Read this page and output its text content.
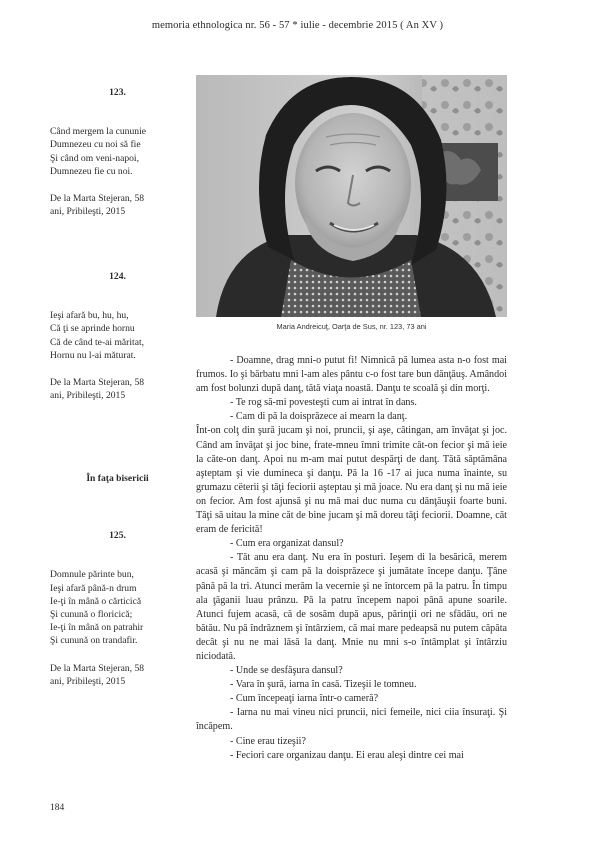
memoria ethnologica nr. 56 - 57 * iulie - decembrie 2015 ( An XV )
123.
Când mergem la cununie
Dumnezeu cu noi să fie
Şi când om veni-napoi,
Dumnezeu fie cu noi.
De la Marta Stejeran, 58
ani, Pribileşti, 2015
124.
Ieşi afară bu, hu, hu,
Că ţi se aprinde hornu
Că de când te-ai măritat,
Hornu nu l-ai măturat.
De la Marta Stejeran, 58
ani, Pribileşti, 2015
În faţa bisericii
125.
Domnule părinte bun,
Ieşi afară până-n drum
Ie-ţi în mână o cărticică
Şi cunună o floricică;
Ie-ţi în mână on patrahir
Şi cunună on trandafir.
De la Marta Stejeran, 58
ani, Pribileşti, 2015
Maria Andreicuţ, Oarţa de Sus, nr. 123, 73 ani

- Doamne, drag mni-o putut fi! Nimnică pă lumea asta n-o fost mai frumos. Io şi bărbatu mni l-am ales pântu c-o fost tare bun dănţăuş. Amândoi am fost bolunzi după danţ, tătă viaţa noastă. Danţu te scoală şi din morţi.

- Te rog să-mi povesteşti cum ai intrat în dans.

- Cam di pă la doisprăzece ai mearn la danţ.

Înt-on colţ din şură jucam şi noi, pruncii, şi aşe, câtingan, am învăţat şi joc. Când am învăţat şi joc bine, frate-mneu îmni trimite căt-on fecior şi mă ieie la căte-on danţ. Apoi nu m-am mai putut despărţi de danţ. Tătă săptămâna aşteptam şi vie dumineca şi danţu. Pă la 16 -17 ai juca numa înainte, su grumazu cëterii şi tăţi feciorii aşteptau şi mă joace. Nu era danţ şi nu mă ieie on fecior. Am fost ajunsă şi nu mă mai duc numa cu dănţăuşii foarte buni. Tăţi să uitau la mine căt de bine jucam şi mă doreu tăţi feciorii. Doamne, căt eram de fericită!

- Cum era organizat dansul?

- Tăt anu era danţ. Nu era în posturi. Ieşem di la besărică, merem acasă şi măncăm şi cam pă la doisprăzece şi jumătate începe danţu. Ţâne până pă la tri. Atunci merăm la vecernie şi ne întorcem pă la patru. În timpu ala ţăganii luau prânzu. Pă la patru începem napoi până apune soarile. Atunci fujem acasă, că de sosăm după apus, părinţii ori ne sfădău, ori ne bătău. Nu pă îndrăznem şi întârziem, că mai mare pedeapsă nu putem căpăta decât şi nu ne mai lăsă la danţ. Mnie nu mni s-o întâmplat şi întârziu niciodată.

- Unde se desfăşura dansul?

- Vara în şură, iarna în casă. Tizeşii le tomneu.

- Cum începeaţi iarna într-o cameră?

- Iarna nu mai vineu nici pruncii, nici femeile, nici ciia însuraţi. Şi încăpem.

- Cine erau tizeşii?

- Feciori care organizau danţu. Ei erau aleşi dintre cei mai

184
